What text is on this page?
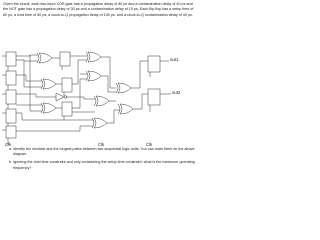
Given the circuit, each two-input XOR gate has a propagation delay of 80 ps and a contamination delay of 40 ps and the NOT gate has a propagation delay of 30 ps and a contamination delay of 15 ps. Each flip-flop has a setup time of 60 ps, a hold time of 50 ps, a clock-to-Q propagation delay of 100 ps, and a clock-to-Q contamination delay of 40 ps.

out1
out2
Clk	Clk	Clk

a. Identify the shortest and the longest paths between two sequential logic units. You can mark them on the above diagram.

b. Ignoring the hold time constraint and only considering the setup time constraint, what is the maximum operating frequency?
